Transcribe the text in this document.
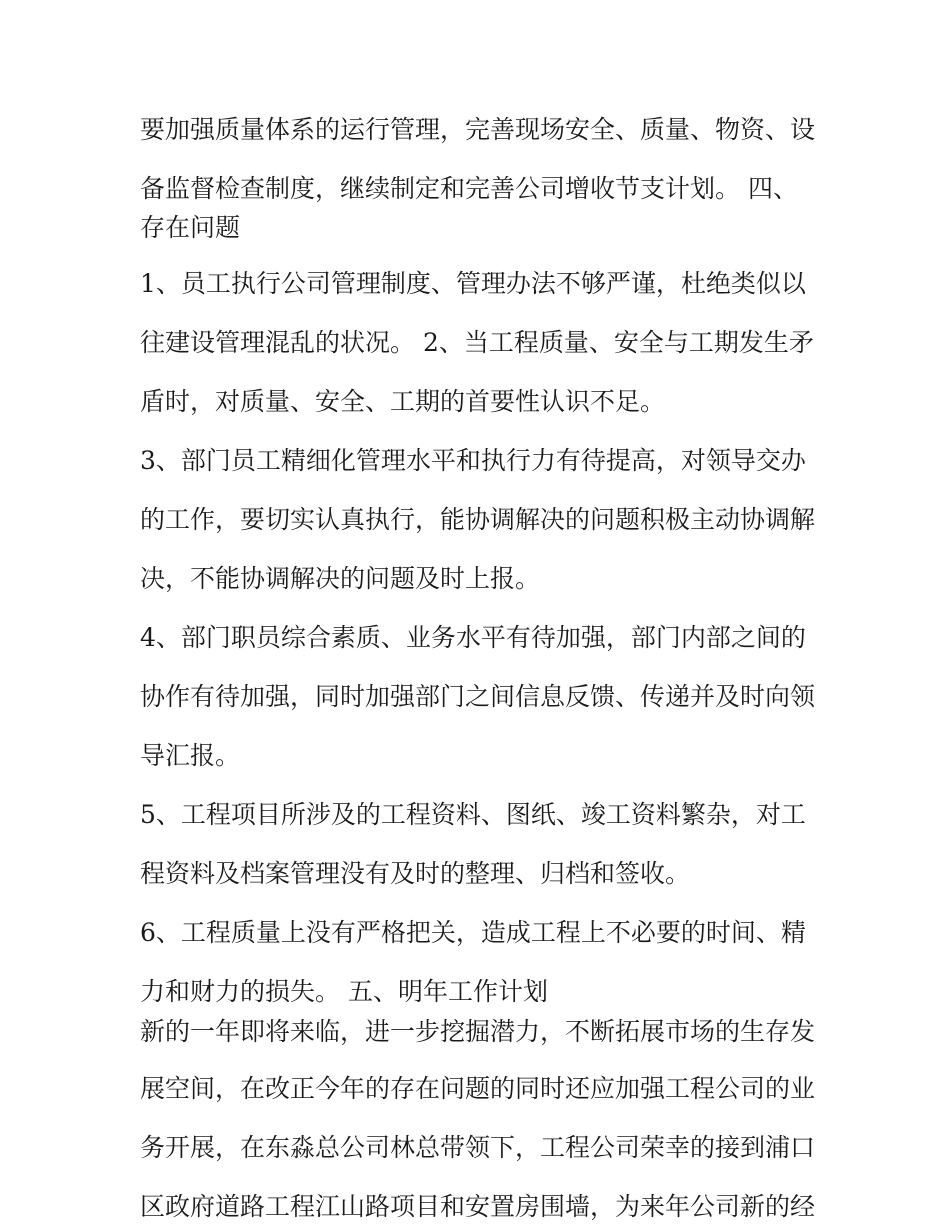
要加强质量体系的运行管理，完善现场安全、质量、物资、设
备监督检查制度，继续制定和完善公司增收节支计划。 四、
存在问题
1、员工执行公司管理制度、管理办法不够严谨，杜绝类似以
往建设管理混乱的状况。 2、当工程质量、安全与工期发生矛
盾时，对质量、安全、工期的首要性认识不足。
3、部门员工精细化管理水平和执行力有待提高，对领导交办
的工作，要切实认真执行，能协调解决的问题积极主动协调解
决，不能协调解决的问题及时上报。
4、部门职员综合素质、业务水平有待加强，部门内部之间的
协作有待加强，同时加强部门之间信息反馈、传递并及时向领
导汇报。
5、工程项目所涉及的工程资料、图纸、竣工资料繁杂，对工
程资料及档案管理没有及时的整理、归档和签收。
6、工程质量上没有严格把关，造成工程上不必要的时间、精
力和财力的损失。 五、明年工作计划
新的一年即将来临，进一步挖掘潜力，不断拓展市场的生存发
展空间，在改正今年的存在问题的同时还应加强工程公司的业
务开展，在东淼总公司林总带领下，工程公司荣幸的接到浦口
区政府道路工程江山路项目和安置房围墙，为来年公司新的经
